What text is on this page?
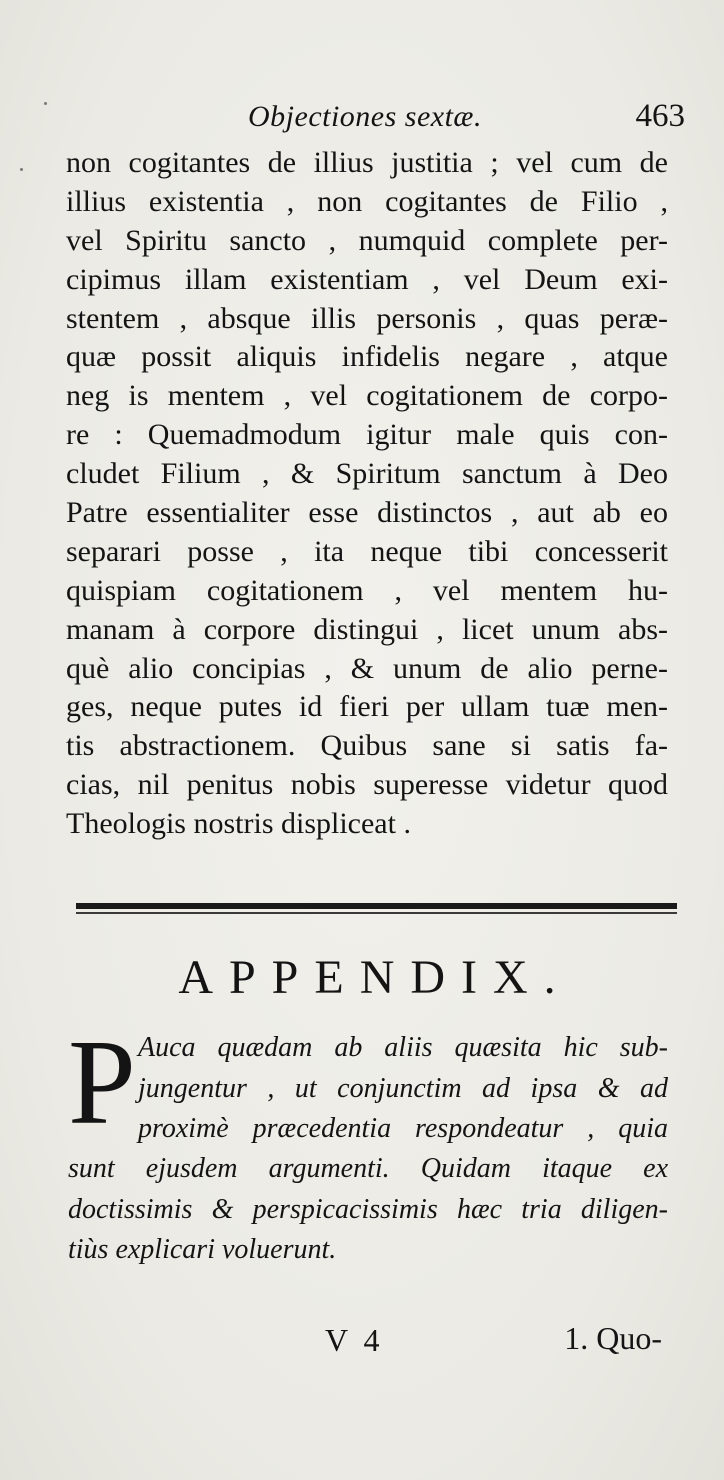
Objectiones sextæ.	463
non cogitantes de illius justitia ; vel cum de
illius existentia , non cogitantes de Filio ,
vel Spiritu sancto , numquid complete per-
cipimus illam existentiam , vel Deum exi-
stentem , absque illis personis , quas peræ-
quæ possit aliquis infidelis negare , atque
neg is mentem , vel cogitationem de corpo-
re : Quemadmodum igitur male quis con-
cludet Filium , & Spiritum sanctum à Deo
Patre essentialiter esse distinctos , aut ab eo
separari posse , ita neque tibi concesserit
quispiam cogitationem , vel mentem hu-
manam à corpore distingui , licet unum abs-
què alio concipias , & unum de alio perne-
ges, neque putes id fieri per ullam tuæ men-
tis abstractionem. Quibus sane si satis fa-
cias, nil penitus nobis superesse videtur quod
Theologis nostris displiceat .
APPENDIX.
P Auca quædam ab aliis quæsita hic sub-
jungentur , ut conjunctim ad ipsa & ad
proximè præcedentia respondeatur , quia
sunt ejusdem argumenti. Quidam itaque ex
doctissimis & perspicacissimis hæc tria diligen-
tiùs explicari voluerunt.
V 4	1. Quo-
